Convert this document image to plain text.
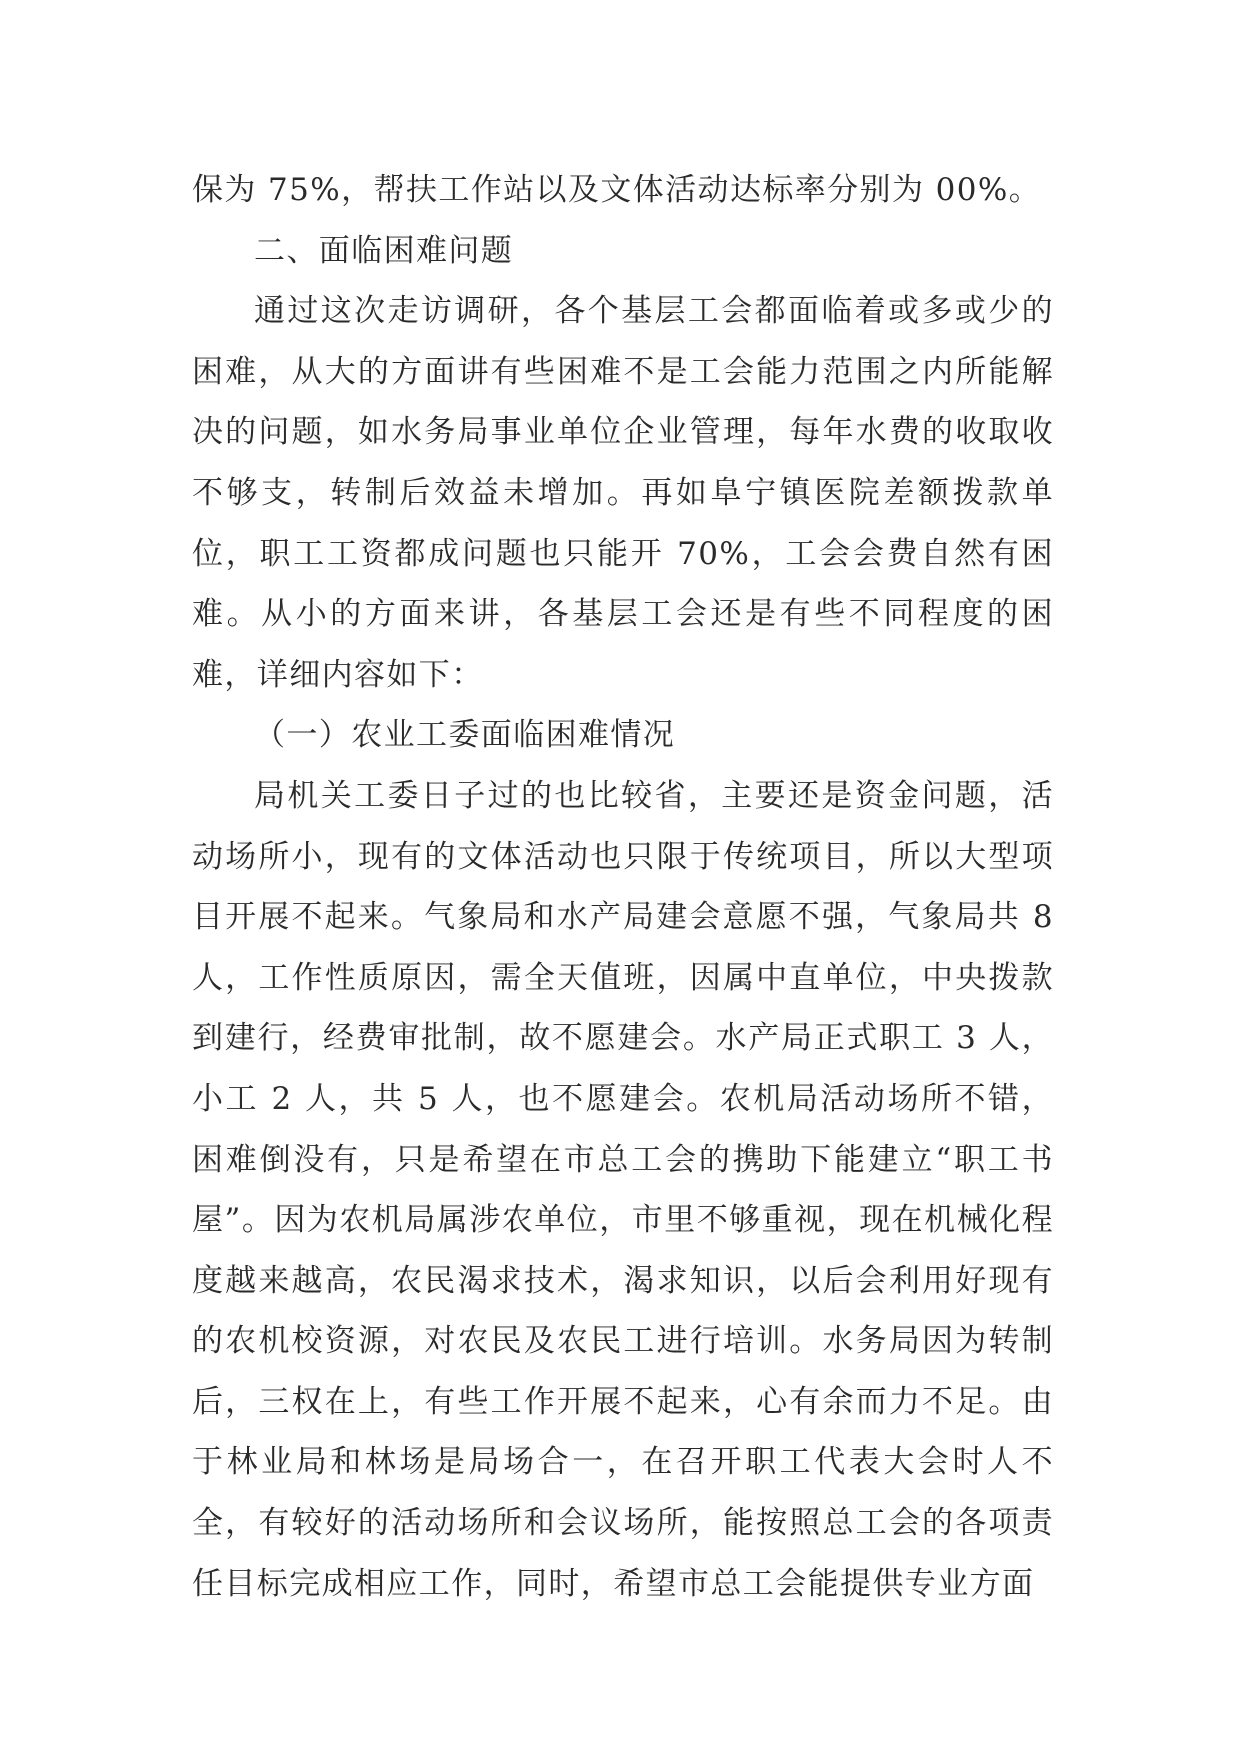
保为 75%，帮扶工作站以及文体活动达标率分别为 00%。

二、面临困难问题

通过这次走访调研，各个基层工会都面临着或多或少的困难，从大的方面讲有些困难不是工会能力范围之内所能解决的问题，如水务局事业单位企业管理，每年水费的收取收不够支，转制后效益未增加。再如阜宁镇医院差额拨款单位，职工工资都成问题也只能开 70%，工会会费自然有困难。从小的方面来讲，各基层工会还是有些不同程度的困难，详细内容如下：

（一）农业工委面临困难情况

局机关工委日子过的也比较省，主要还是资金问题，活动场所小，现有的文体活动也只限于传统项目，所以大型项目开展不起来。气象局和水产局建会意愿不强，气象局共 8 人，工作性质原因，需全天值班，因属中直单位，中央拨款到建行，经费审批制，故不愿建会。水产局正式职工 3 人，小工 2 人，共 5 人，也不愿建会。农机局活动场所不错，困难倒没有，只是希望在市总工会的携助下能建立“职工书屋”。因为农机局属涉农单位，市里不够重视，现在机械化程度越来越高，农民渴求技术，渴求知识，以后会利用好现有的农机校资源，对农民及农民工进行培训。水务局因为转制后，三权在上，有些工作开展不起来，心有余而力不足。由于林业局和林场是局场合一，在召开职工代表大会时人不全，有较好的活动场所和会议场所，能按照总工会的各项责任目标完成相应工作，同时，希望市总工会能提供专业方面
